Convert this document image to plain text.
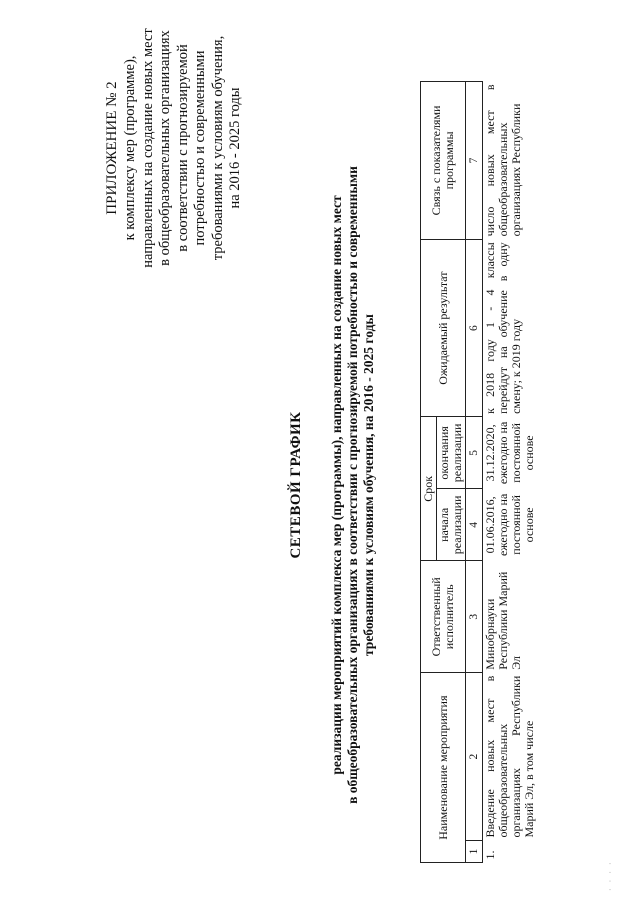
ПРИЛОЖЕНИЕ № 2 к комплексу мер (программе), направленных на создание новых мест в общеобразовательных организациях в соответствии с прогнозируемой потребностью и современными требованиями к условиям обучения, на 2016 - 2025 годы
СЕТЕВОЙ ГРАФИК реализации мероприятий комплекса мер (программы), направленных на создание новых мест в общеобразовательных организациях в соответствии с прогнозируемой потребностью и современными требованиями к условиям обучения, на 2016 - 2025 годы
Наименование мероприятия		Ответственный исполнитель	Срок		Ожидаемый результат	Связь с показателями программы
			начала реализации	окончания реализации		
1	2	3	4	5	6	7
1.	Введение новых мест в общеобразовательных организациях Республики Марий Эл, в том числе	Минобрнауки Республики Марий Эл	01.06.2016, ежегодно на постоянной основе	31.12.2020, ежегодно на постоянной основе	к 2018 году 1 - 4 классы перейдут на обучение в одну смену; к 2019 году	число новых мест в общеобразовательных организациях Республики
· · · ·
